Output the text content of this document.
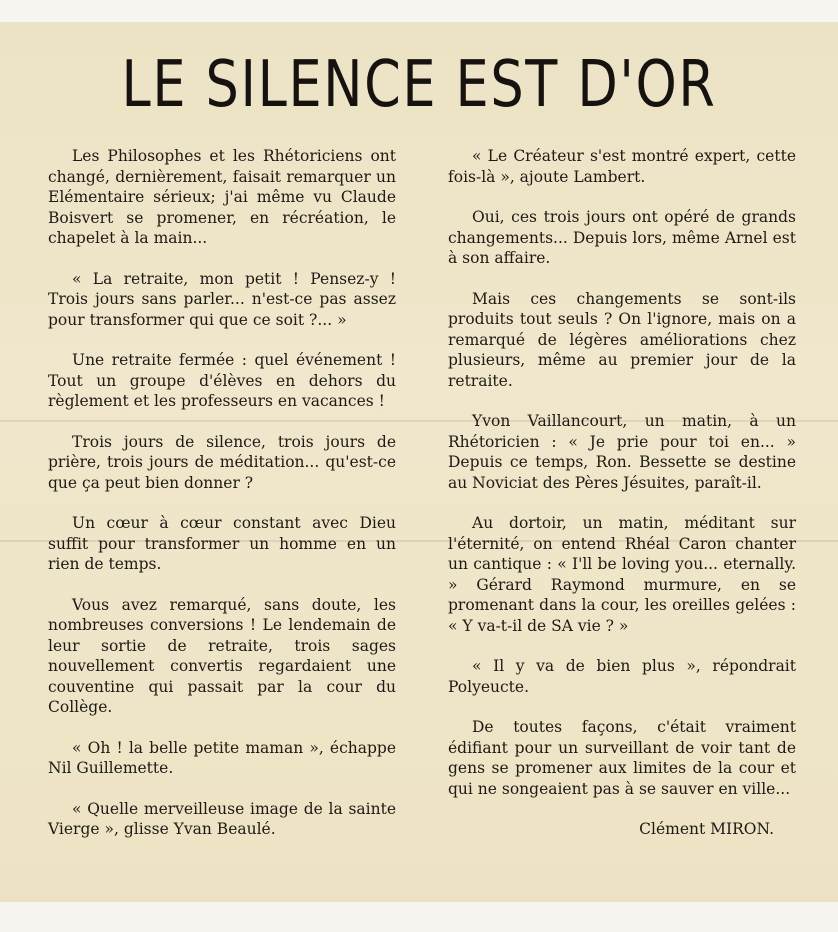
LE SILENCE EST D'OR

Les Philosophes et les Rhétoriciens ont changé, dernièrement, faisait remarquer un Elémentaire sérieux; j'ai même vu Claude Boisvert se promener, en récréation, le chapelet à la main...

« La retraite, mon petit ! Pensez-y ! Trois jours sans parler... n'est-ce pas assez pour transformer qui que ce soit ?... »

Une retraite fermée : quel événement ! Tout un groupe d'élèves en dehors du règlement et les professeurs en vacances !

Trois jours de silence, trois jours de prière, trois jours de méditation... qu'est-ce que ça peut bien donner ?

Un cœur à cœur constant avec Dieu suffit pour transformer un homme en un rien de temps.

Vous avez remarqué, sans doute, les nombreuses conversions ! Le lendemain de leur sortie de retraite, trois sages nouvellement convertis regardaient une couventine qui passait par la cour du Collège.

« Oh ! la belle petite maman », échappe Nil Guillemette.

« Quelle merveilleuse image de la sainte Vierge », glisse Yvan Beaulé.

« Le Créateur s'est montré expert, cette fois-là », ajoute Lambert.

Oui, ces trois jours ont opéré de grands changements... Depuis lors, même Arnel est à son affaire.

Mais ces changements se sont-ils produits tout seuls ? On l'ignore, mais on a remarqué de légères améliorations chez plusieurs, même au premier jour de la retraite.

Yvon Vaillancourt, un matin, à un Rhétoricien : « Je prie pour toi en... » Depuis ce temps, Ron. Bessette se destine au Noviciat des Pères Jésuites, paraît-il.

Au dortoir, un matin, méditant sur l'éternité, on entend Rhéal Caron chanter un cantique : « I'll be loving you... eternally. » Gérard Raymond murmure, en se promenant dans la cour, les oreilles gelées : « Y va-t-il de SA vie ? »

« Il y va de bien plus », répondrait Polyeucte.

De toutes façons, c'était vraiment édifiant pour un surveillant de voir tant de gens se promener aux limites de la cour et qui ne songeaient pas à se sauver en ville...

Clément MIRON.
